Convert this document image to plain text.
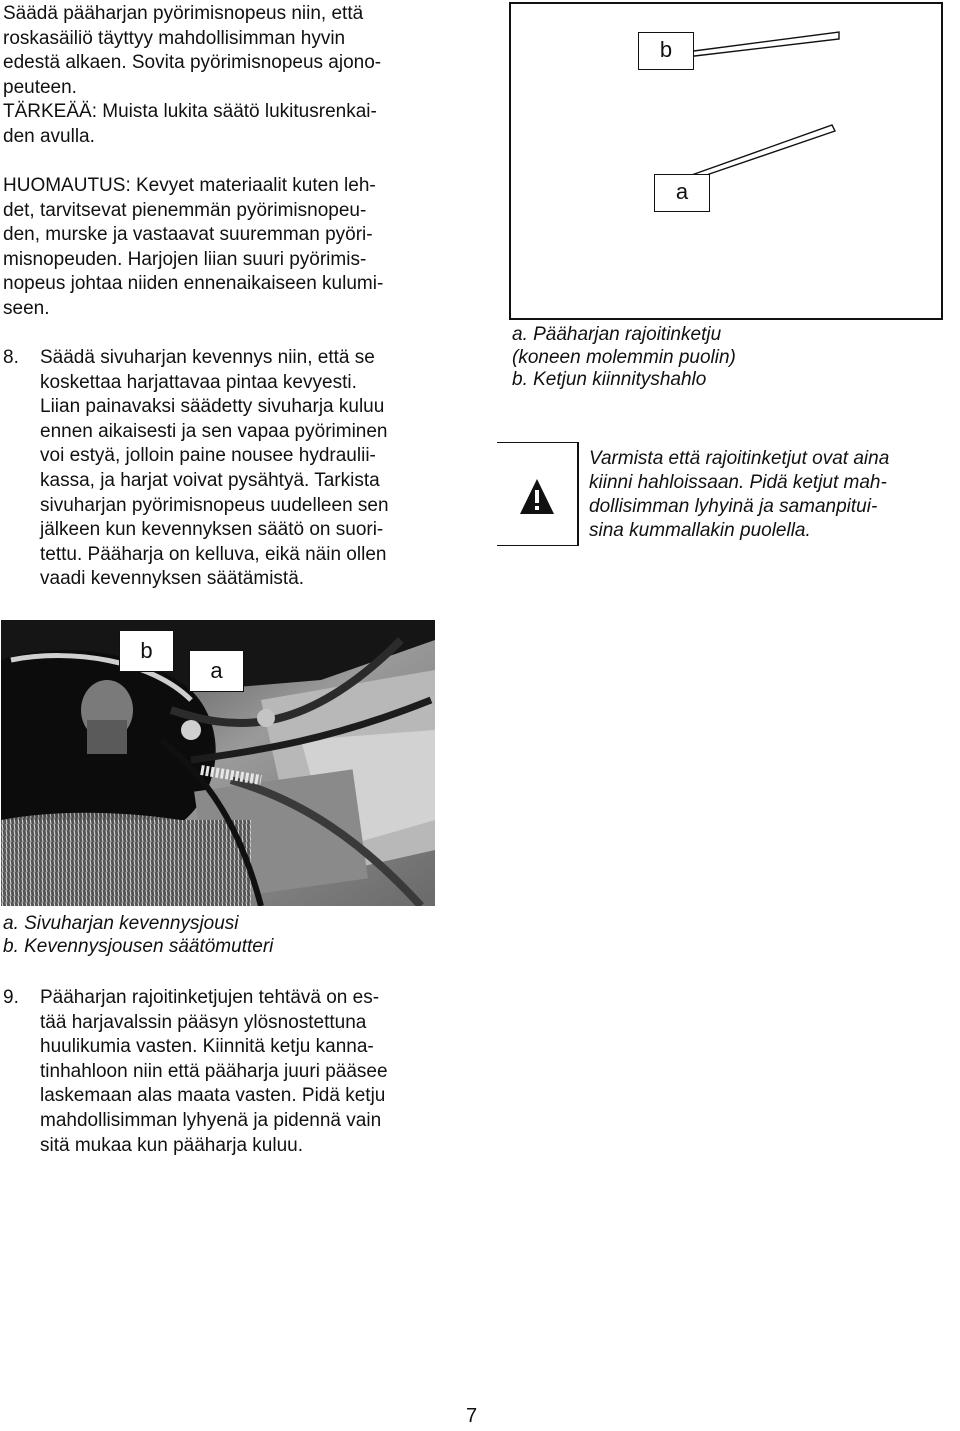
Säädä pääharjan pyörimisnopeus niin, että
roskasäiliö täyttyy mahdollisimman hyvin
edestä alkaen. Sovita pyörimisnopeus ajono-
peuteen.
TÄRKEÄÄ: Muista lukita säätö lukitusrenkai-
den avulla.
HUOMAUTUS: Kevyet materiaalit kuten leh-
det, tarvitsevat pienemmän pyörimisnopeu-
den, murske ja vastaavat suuremman pyöri-
misnopeuden. Harjojen liian suuri pyörimis-
nopeus johtaa niiden ennenaikaiseen kulumi-
seen.
8. Säädä sivuharjan kevennys niin, että se
koskettaa harjattavaa pintaa kevyesti.
Liian painavaksi säädetty sivuharja kuluu
ennen aikaisesti ja sen vapaa pyöriminen
voi estyä, jolloin paine nousee hydraulii-
kassa, ja harjat voivat pysähtyä. Tarkista
sivuharjan pyörimisnopeus uudelleen sen
jälkeen kun kevennyksen säätö on suori-
tettu. Pääharja on kelluva, eikä näin ollen
vaadi kevennyksen säätämistä.
b
a
a. Pääharjan rajoitinketju
(koneen molemmin puolin)
b. Ketjun kiinnityshahlo
Varmista että rajoitinketjut ovat aina
kiinni hahloissaan. Pidä ketjut mah-
dollisimman lyhyinä ja samanpitui-
sina kummallakin puolella.
b
a
a. Sivuharjan kevennysjousi
b. Kevennysjousen säätömutteri
9. Pääharjan rajoitinketjujen tehtävä on es-
tää harjavalssin pääsyn ylösnostettuna
huulikumia vasten. Kiinnitä ketju kanna-
tinhahloon niin että pääharja juuri pääsee
laskemaan alas maata vasten. Pidä ketju
mahdollisimman lyhyenä ja pidennä vain
sitä mukaa kun pääharja kuluu.
7
